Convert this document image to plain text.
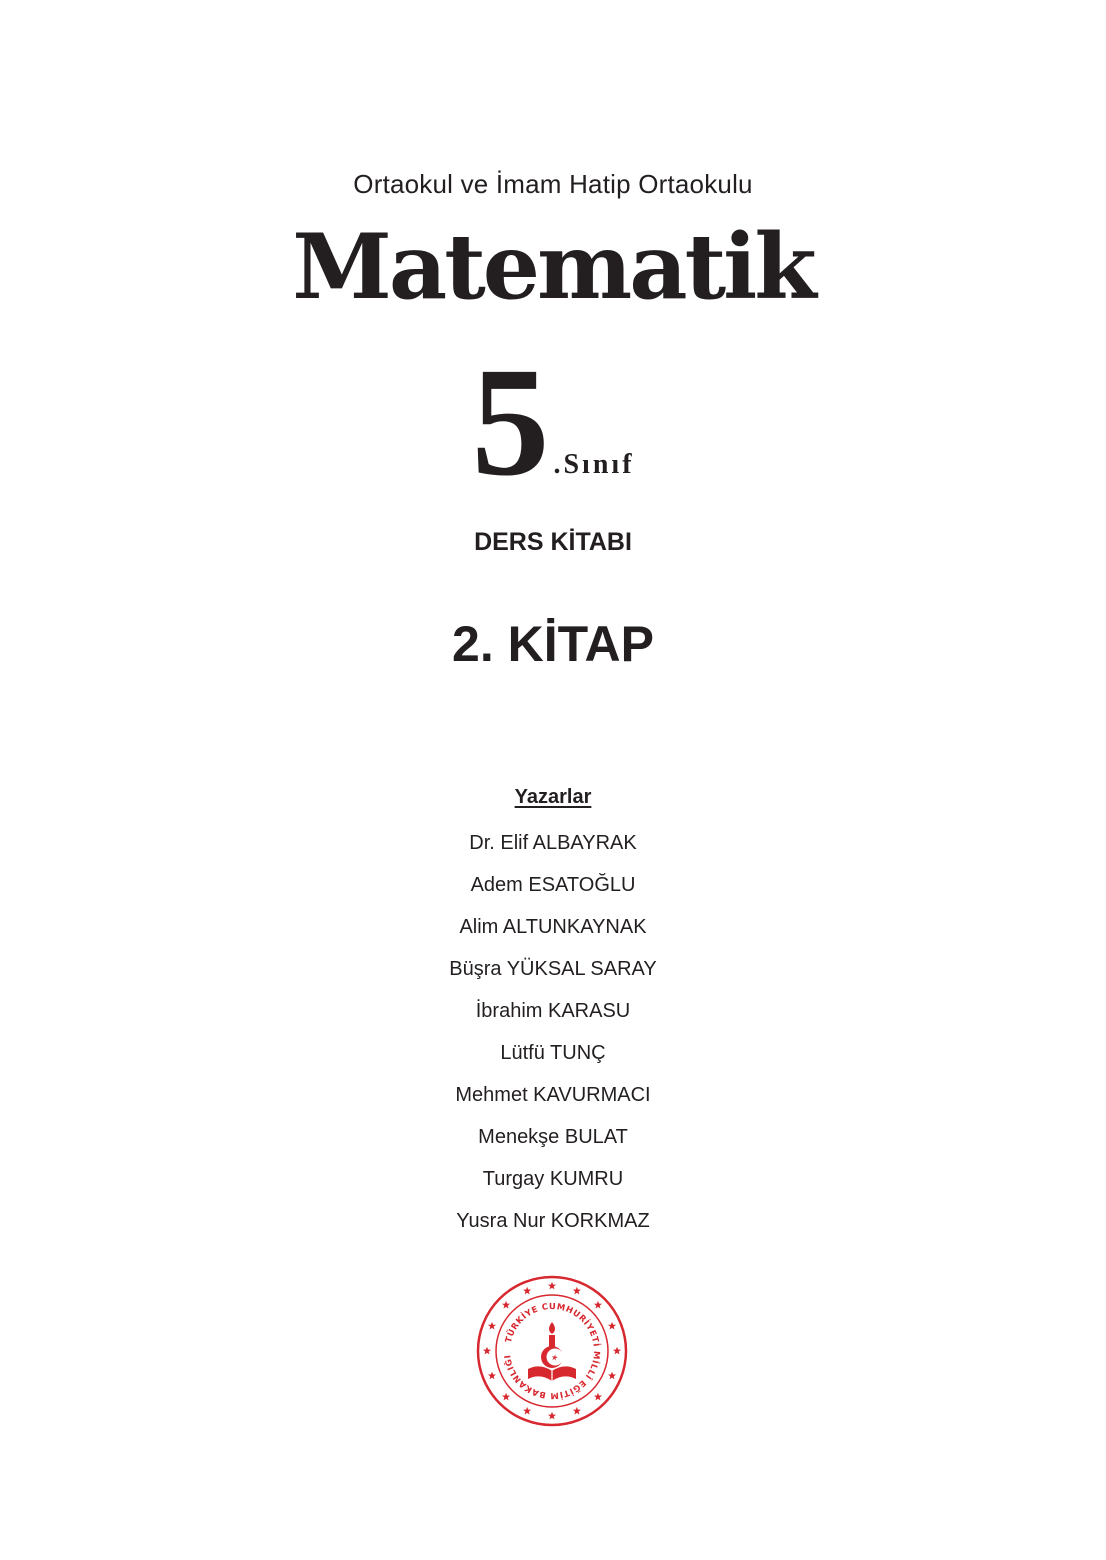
Ortaokul ve İmam Hatip Ortaokulu
Matematik
5 .Sınıf
DERS KİTABI
2. KİTAP
Yazarlar
Dr. Elif ALBAYRAK
Adem ESATOĞLU
Alim ALTUNKAYNAK
Büşra YÜKSAL SARAY
İbrahim KARASU
Lütfü TUNÇ
Mehmet KAVURMACI
Menekşe BULAT
Turgay KUMRU
Yusra Nur KORKMAZ
TÜRKİYE CUMHURİYETİ MİLLÎ EĞİTİM BAKANLIĞI
